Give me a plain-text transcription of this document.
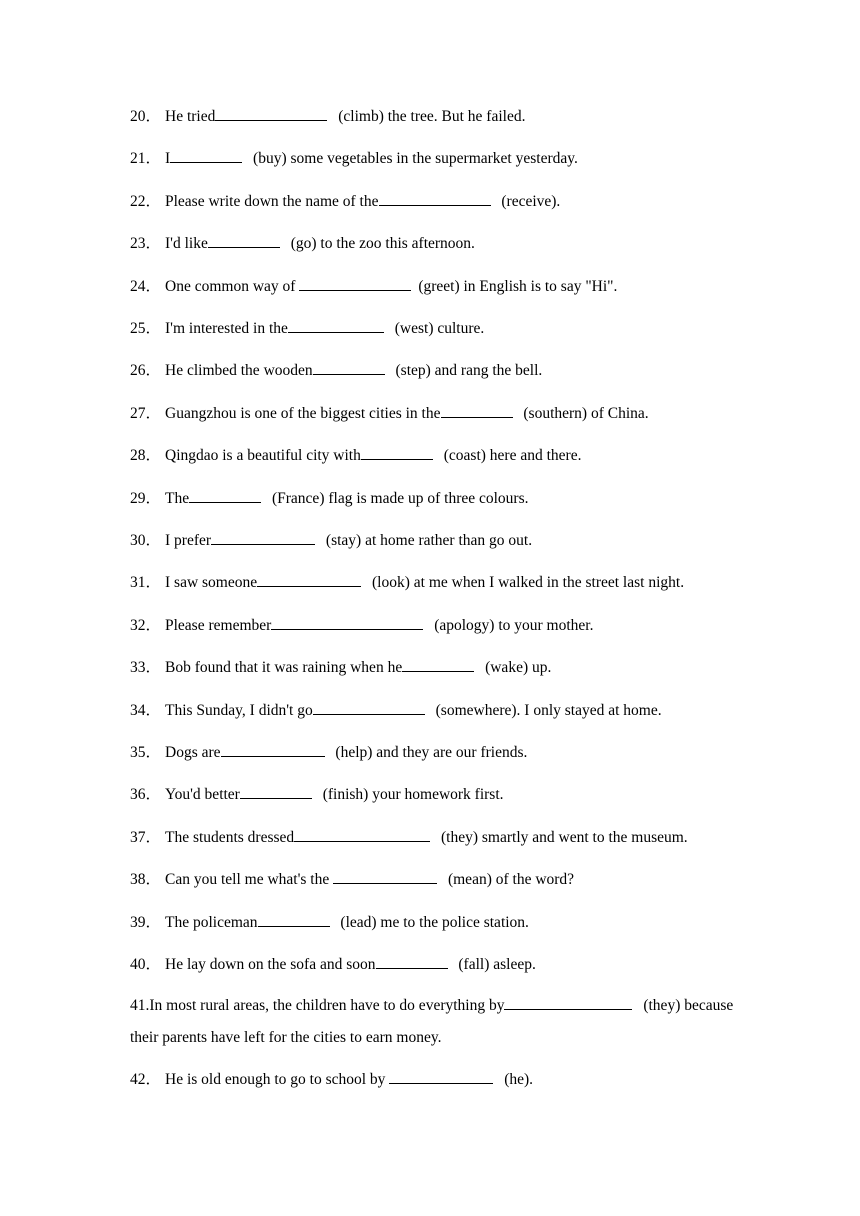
20． He tried	(climb) the tree. But he failed.
21． I	(buy) some vegetables in the supermarket yesterday.
22． Please write down the name of the	(receive).
23． I'd like	(go) to the zoo this afternoon.
24． One common way of	(greet) in English is to say "Hi".
25． I'm interested in the	(west) culture.
26． He climbed the wooden	(step) and rang the bell.
27． Guangzhou is one of the biggest cities in the	(southern) of China.
28． Qingdao is a beautiful city with	(coast) here and there.
29． The	(France) flag is made up of three colours.
30． I prefer	(stay) at home rather than go out.
31． I saw someone	(look) at me when I walked in the street last night.
32． Please remember	(apology) to your mother.
33． Bob found that it was raining when he	(wake) up.
34． This Sunday, I didn't go	(somewhere). I only stayed at home.
35． Dogs are	(help) and they are our friends.
36． You'd better	(finish) your homework first.
37． The students dressed	(they) smartly and went to the museum.
38． Can you tell me what's the	(mean) of the word?
39． The policeman	(lead) me to the police station.
40． He lay down on the sofa and soon	(fall) asleep.
41.In most rural areas, the children have to do everything by	(they) because their parents have left for the cities to earn money.
42． He is old enough to go to school by	(he).
